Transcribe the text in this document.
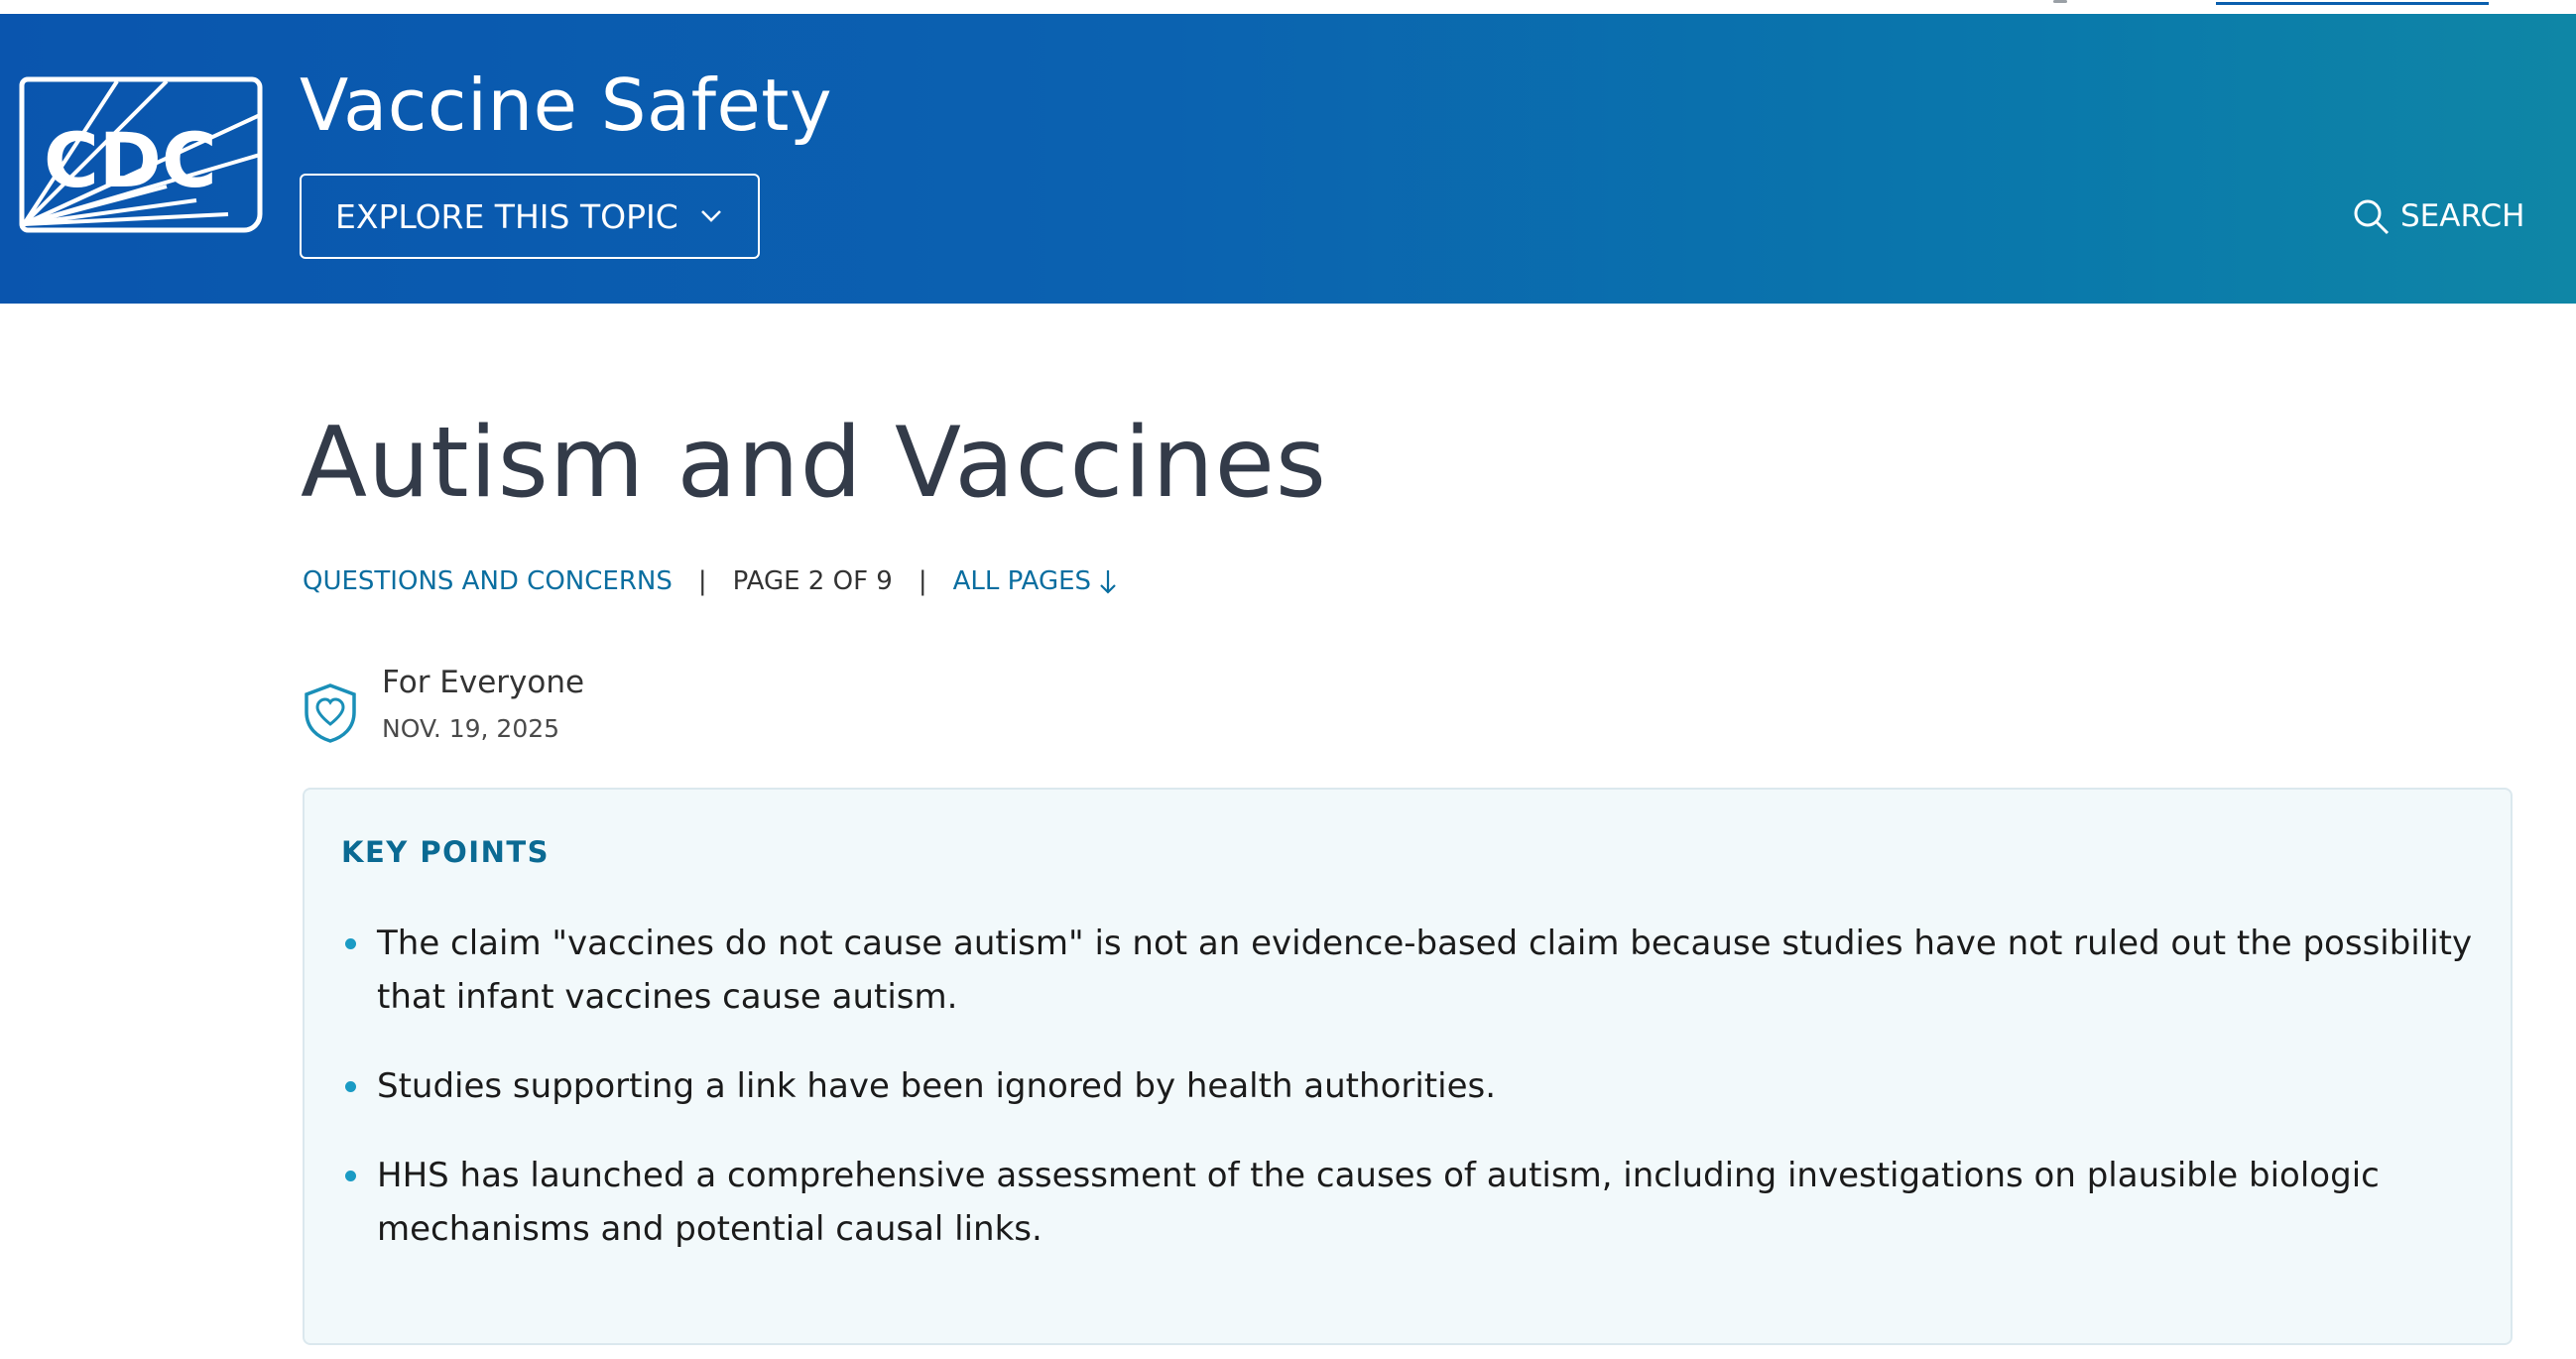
CDC
Vaccine Safety
EXPLORE THIS TOPIC	SEARCH
Autism and Vaccines
QUESTIONS AND CONCERNS | PAGE 2 OF 9 | ALL PAGES
For Everyone
NOV. 19, 2025
KEY POINTS
The claim "vaccines do not cause autism" is not an evidence-based claim because studies have not ruled out the possibility that infant vaccines cause autism.
Studies supporting a link have been ignored by health authorities.
HHS has launched a comprehensive assessment of the causes of autism, including investigations on plausible biologic mechanisms and potential causal links.
